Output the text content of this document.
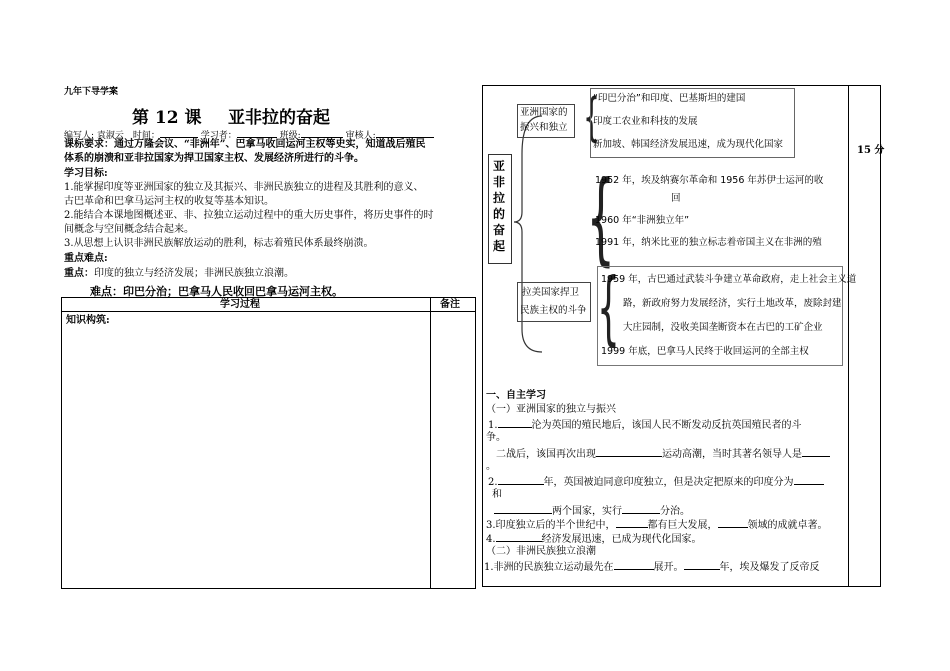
九年下导学案
第 12 课 亚非拉的奋起
编写人: 袁淑云　时间：	学习者：	班级:	审核人:
课标要求：通过万隆会议、“非洲年”、巴拿马收回运河主权等史实，知道战后殖民
体系的崩溃和亚非拉国家为捍卫国家主权、发展经济所进行的斗争。
学习目标:
1.能掌握印度等亚洲国家的独立及其振兴、非洲民族独立的进程及其胜利的意义、
古巴革命和巴拿马运河主权的收复等基本知识。
2.能结合本课地图概述亚、非、拉独立运动过程中的重大历史事件，将历史事件的时
间概念与空间概念结合起来。
3.从思想上认识非洲民族解放运动的胜利，标志着殖民体系最终崩溃。
重点难点:
重点：印度的独立与经济发展；非洲民族独立浪潮。
难点：印巴分治；巴拿马人民收回巴拿马运河主权。
学习过程	备注
知识构筑:
15 分
亚非拉的奋起
亚洲国家的
振兴和独立 {
“印巴分治”和印度、巴基斯坦的建国
印度工农业和科技的发展
新加坡、韩国经济发展迅速，成为现代化国家
{
1952 年，埃及纳赛尔革命和 1956 年苏伊士运河的收
回
1960 年“非洲独立年”
1991 年，纳米比亚的独立标志着帝国主义在非洲的殖
拉美国家捍卫
民族主权的斗争 {
1959 年，古巴通过武装斗争建立革命政府，走上社会主义道
路，新政府努力发展经济，实行土地改革，废除封建
大庄园制，没收美国垄断资本在古巴的工矿企业
1999 年底，巴拿马人民终于收回运河的全部主权
一、自主学习
（一）亚洲国家的独立与振兴
1.	沦为英国的殖民地后，该国人民不断发动反抗英国殖民者的斗
争。
二战后，该国再次出现	运动高潮，当时其著名领导人是
。
2.	年，英国被迫同意印度独立，但是决定把原来的印度分为
和
两个国家，实行	分治。
3.印度独立后的半个世纪中，	都有巨大发展，	领域的成就卓著。
4.	经济发展迅速，已成为现代化国家。
（二）非洲民族独立浪潮
1.非洲的民族独立运动最先在	展开。	年，埃及爆发了反帝反
